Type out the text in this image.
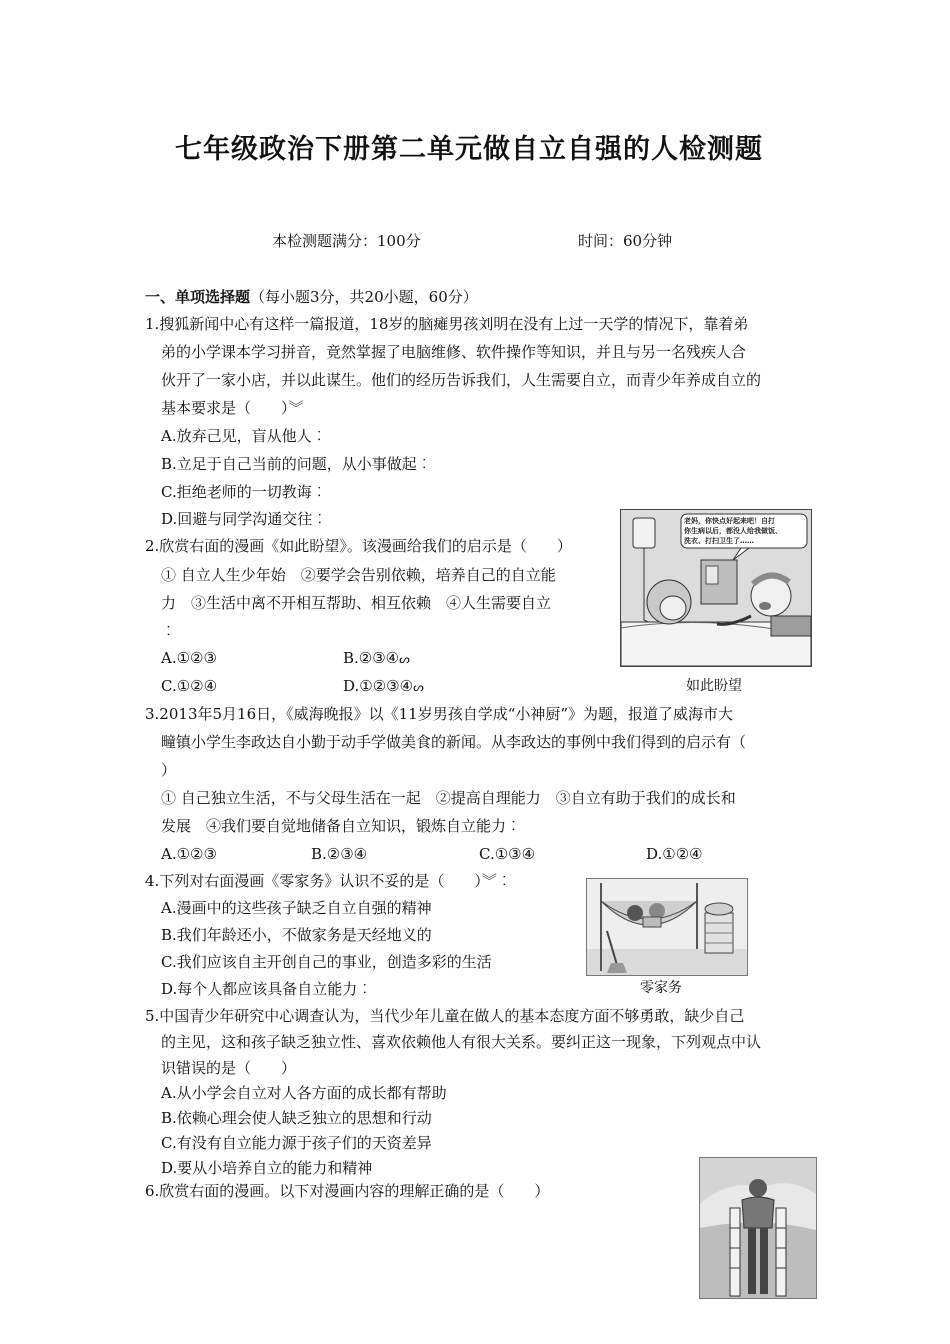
七年级政治下册第二单元做自立自强的人检测题
本检测题满分：100分	时间：60分钟
一、单项选择题（每小题3分，共20小题，60分）
1.搜狐新闻中心有这样一篇报道，18岁的脑瘫男孩刘明在没有上过一天学的情况下，靠着弟
弟的小学课本学习拼音，竟然掌握了电脑维修、软件操作等知识，并且与另一名残疾人合
伙开了一家小店，并以此谋生。他们的经历告诉我们，人生需要自立，而青少年养成自立的
基本要求是（　　）︾
A.放弃己见，盲从他人︰
B.立足于自己当前的问题，从小事做起︰
C.拒绝老师的一切教诲︰
D.回避与同学沟通交往︰
2.欣赏右面的漫画《如此盼望》。该漫画给我们的启示是（　　）
① 自立人生少年始　②要学会告别依赖，培养自己的自立能
力　③生活中离不开相互帮助、相互依赖　④人生需要自立
︰
A.①②③	B.②③④ᔕ
C.①②④	D.①②③④ᔕ
老妈，你快点好起来吧！自打
你生病以后，都没人给我做饭、
洗衣、打扫卫生了……
如此盼望
3.2013年5月16日，《威海晚报》以《11岁男孩自学成“小神厨”》为题，报道了威海市大
疃镇小学生李政达自小勤于动手学做美食的新闻。从李政达的事例中我们得到的启示有（
）
① 自己独立生活，不与父母生活在一起　②提高自理能力　③自立有助于我们的成长和
发展　④我们要自觉地储备自立知识，锻炼自立能力︰
A.①②③	B.②③④	C.①③④	D.①②④
4.下列对右面漫画《零家务》认识不妥的是（　　）︾︰
A.漫画中的这些孩子缺乏自立自强的精神
B.我们年龄还小，不做家务是天经地义的
C.我们应该自主开创自己的事业，创造多彩的生活
D.每个人都应该具备自立能力︰	零家务
5.中国青少年研究中心调查认为，当代少年儿童在做人的基本态度方面不够勇敢，缺少自己
的主见，这和孩子缺乏独立性、喜欢依赖他人有很大关系。要纠正这一现象，下列观点中认
识错误的是（　　）
A.从小学会自立对人各方面的成长都有帮助
B.依赖心理会使人缺乏独立的思想和行动
C.有没有自立能力源于孩子们的天资差异
D.要从小培养自立的能力和精神
6.欣赏右面的漫画。以下对漫画内容的理解正确的是（　　）
